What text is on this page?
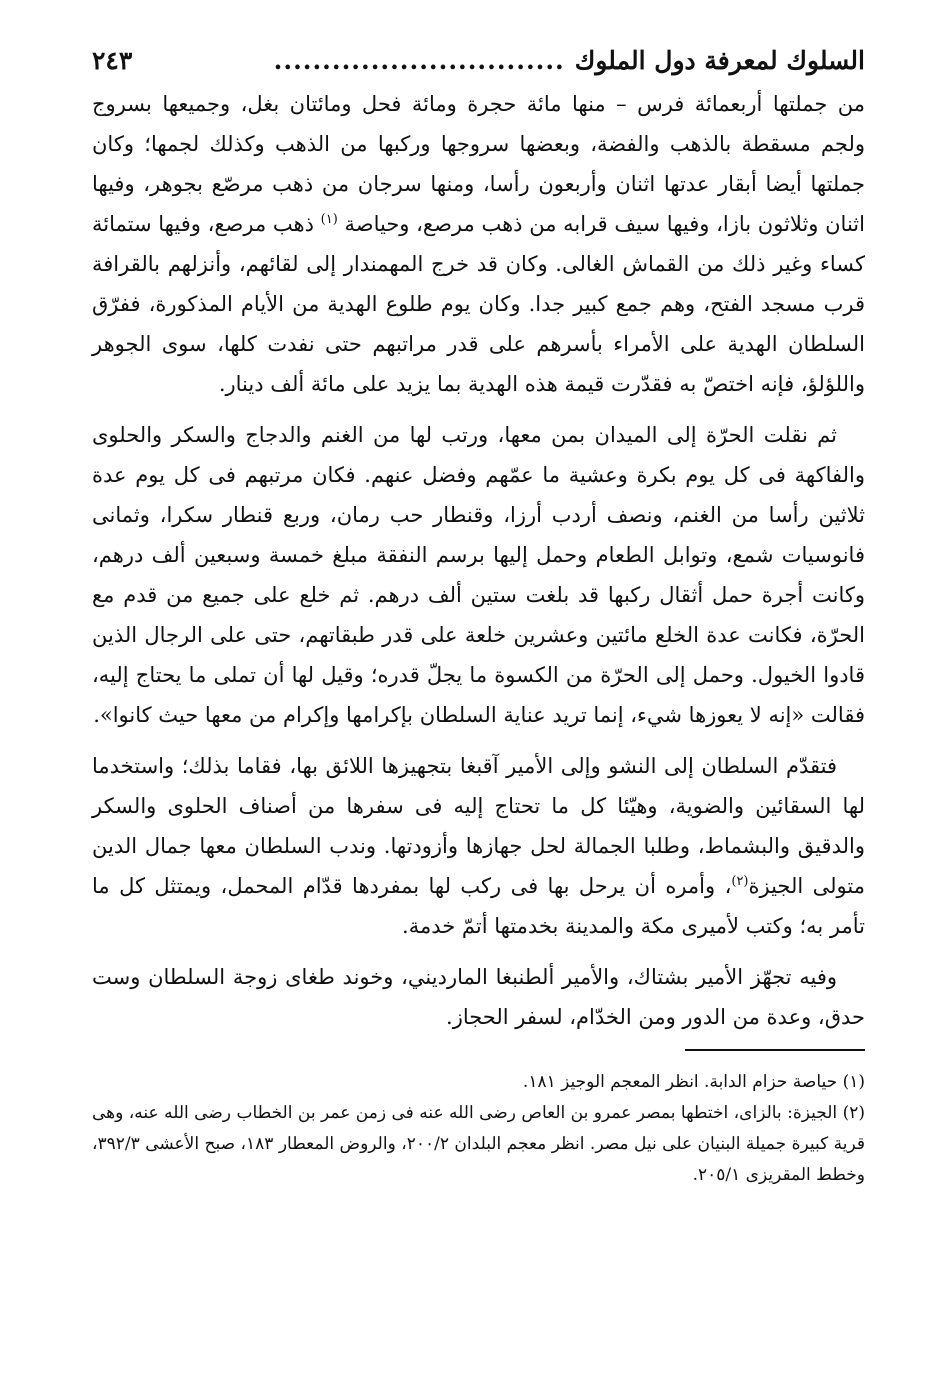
السلوك لمعرفة دول الملوك
..............................
٢٤٣

من جملتها أربعمائة فرس – منها مائة حجرة ومائة فحل ومائتان بغل، وجميعها بسروج ولجم مسقطة بالذهب والفضة، وبعضها سروجها وركبها من الذهب وكذلك لجمها؛ وكان جملتها أيضا أبقار عدتها اثنان وأربعون رأسا، ومنها سرجان من ذهب مرصّع بجوهر، وفيها اثنان وثلاثون بازا، وفيها سيف قرابه من ذهب مرصع، وحياصة $^{(١)}$ ذهب مرصع، وفيها ستمائة كساء وغير ذلك من القماش الغالى. وكان قد خرج المهمندار إلى لقائهم، وأنزلهم بالقرافة قرب مسجد الفتح، وهم جمع كبير جدا. وكان يوم طلوع الهدية من الأيام المذكورة، ففرّق السلطان الهدية على الأمراء بأسرهم على قدر مراتبهم حتى نفدت كلها، سوى الجوهر واللؤلؤ، فإنه اختصّ به فقدّرت قيمة هذه الهدية بما يزيد على مائة ألف دينار.

ثم نقلت الحرّة إلى الميدان بمن معها، ورتب لها من الغنم والدجاج والسكر والحلوى والفاكهة فى كل يوم بكرة وعشية ما عمّهم وفضل عنهم. فكان مرتبهم فى كل يوم عدة ثلاثين رأسا من الغنم، ونصف أردب أرزا، وقنطار حب رمان، وربع قنطار سكرا، وثمانى فانوسيات شمع، وتوابل الطعام وحمل إليها برسم النفقة مبلغ خمسة وسبعين ألف درهم، وكانت أجرة حمل أثقال ركبها قد بلغت ستين ألف درهم. ثم خلع على جميع من قدم مع الحرّة، فكانت عدة الخلع مائتين وعشرين خلعة على قدر طبقاتهم، حتى على الرجال الذين قادوا الخيول. وحمل إلى الحرّة من الكسوة ما يجلّ قدره؛ وقيل لها أن تملى ما يحتاج إليه، فقالت «إنه لا يعوزها شيء، إنما تريد عناية السلطان بإكرامها وإكرام من معها حيث كانوا».

فتقدّم السلطان إلى النشو وإلى الأمير آقبغا بتجهيزها اللائق بها، فقاما بذلك؛ واستخدما لها السقائين والضوية، وهيّئا كل ما تحتاج إليه فى سفرها من أصناف الحلوى والسكر والدقيق والبشماط، وطلبا الجمالة لحل جهازها وأزودتها. وندب السلطان معها جمال الدين متولى الجيزة$^{(٢)}$، وأمره أن يرحل بها فى ركب لها بمفردها قدّام المحمل، ويمتثل كل ما تأمر به؛ وكتب لأميرى مكة والمدينة بخدمتها أتمّ خدمة.

وفيه تجهّز الأمير بشتاك، والأمير ألطنبغا المارديني، وخوند طغاى زوجة السلطان وست حدق، وعدة من الدور ومن الخدّام، لسفر الحجاز.

(١) حياصة حزام الدابة. انظر المعجم الوجيز ١٨١.

(٢) الجيزة: بالزاى، اختطها بمصر عمرو بن العاص رضى الله عنه فى زمن عمر بن الخطاب رضى الله عنه، وهى قرية كبيرة جميلة البنيان على نيل مصر. انظر معجم البلدان ٢٠٠/٢، والروض المعطار ١٨٣، صبح الأعشى ٣٩٢/٣، وخطط المقريزى ٢٠٥/١.
